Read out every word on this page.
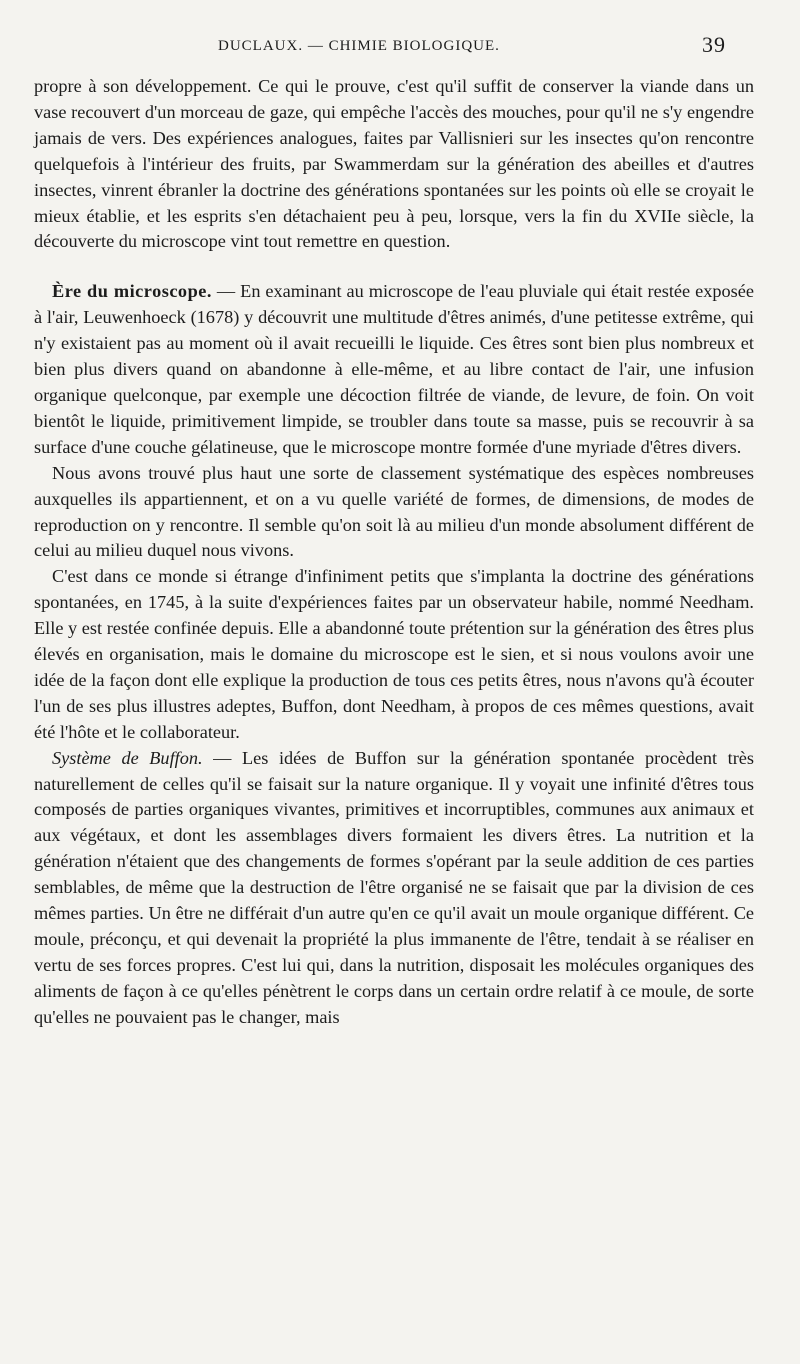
DUCLAUX. — CHIMIE BIOLOGIQUE.	39

propre à son développement. Ce qui le prouve, c'est qu'il suffit de conserver la viande dans un vase recouvert d'un morceau de gaze, qui empêche l'accès des mouches, pour qu'il ne s'y engendre jamais de vers. Des expériences analogues, faites par Vallisnieri sur les insectes qu'on rencontre quelquefois à l'intérieur des fruits, par Swammerdam sur la génération des abeilles et d'autres insectes, vinrent ébranler la doctrine des générations spontanées sur les points où elle se croyait le mieux établie, et les esprits s'en détachaient peu à peu, lorsque, vers la fin du XVIIe siècle, la découverte du microscope vint tout remettre en question.

Ère du microscope. — En examinant au microscope de l'eau pluviale qui était restée exposée à l'air, Leuwenhoeck (1678) y découvrit une multitude d'êtres animés, d'une petitesse extrême, qui n'y existaient pas au moment où il avait recueilli le liquide. Ces êtres sont bien plus nombreux et bien plus divers quand on abandonne à elle-même, et au libre contact de l'air, une infusion organique quelconque, par exemple une décoction filtrée de viande, de levure, de foin. On voit bientôt le liquide, primitivement limpide, se troubler dans toute sa masse, puis se recouvrir à sa surface d'une couche gélatineuse, que le microscope montre formée d'une myriade d'êtres divers.

Nous avons trouvé plus haut une sorte de classement systématique des espèces nombreuses auxquelles ils appartiennent, et on a vu quelle variété de formes, de dimensions, de modes de reproduction on y rencontre. Il semble qu'on soit là au milieu d'un monde absolument différent de celui au milieu duquel nous vivons.

C'est dans ce monde si étrange d'infiniment petits que s'implanta la doctrine des générations spontanées, en 1745, à la suite d'expériences faites par un observateur habile, nommé Needham. Elle y est restée confinée depuis. Elle a abandonné toute prétention sur la génération des êtres plus élevés en organisation, mais le domaine du microscope est le sien, et si nous voulons avoir une idée de la façon dont elle explique la production de tous ces petits êtres, nous n'avons qu'à écouter l'un de ses plus illustres adeptes, Buffon, dont Needham, à propos de ces mêmes questions, avait été l'hôte et le collaborateur.

Système de Buffon. — Les idées de Buffon sur la génération spontanée procèdent très naturellement de celles qu'il se faisait sur la nature organique. Il y voyait une infinité d'êtres tous composés de parties organiques vivantes, primitives et incorruptibles, communes aux animaux et aux végétaux, et dont les assemblages divers formaient les divers êtres. La nutrition et la génération n'étaient que des changements de formes s'opérant par la seule addition de ces parties semblables, de même que la destruction de l'être organisé ne se faisait que par la division de ces mêmes parties. Un être ne différait d'un autre qu'en ce qu'il avait un moule organique différent. Ce moule, préconçu, et qui devenait la propriété la plus immanente de l'être, tendait à se réaliser en vertu de ses forces propres. C'est lui qui, dans la nutrition, disposait les molécules organiques des aliments de façon à ce qu'elles pénètrent le corps dans un certain ordre relatif à ce moule, de sorte qu'elles ne pouvaient pas le changer, mais
